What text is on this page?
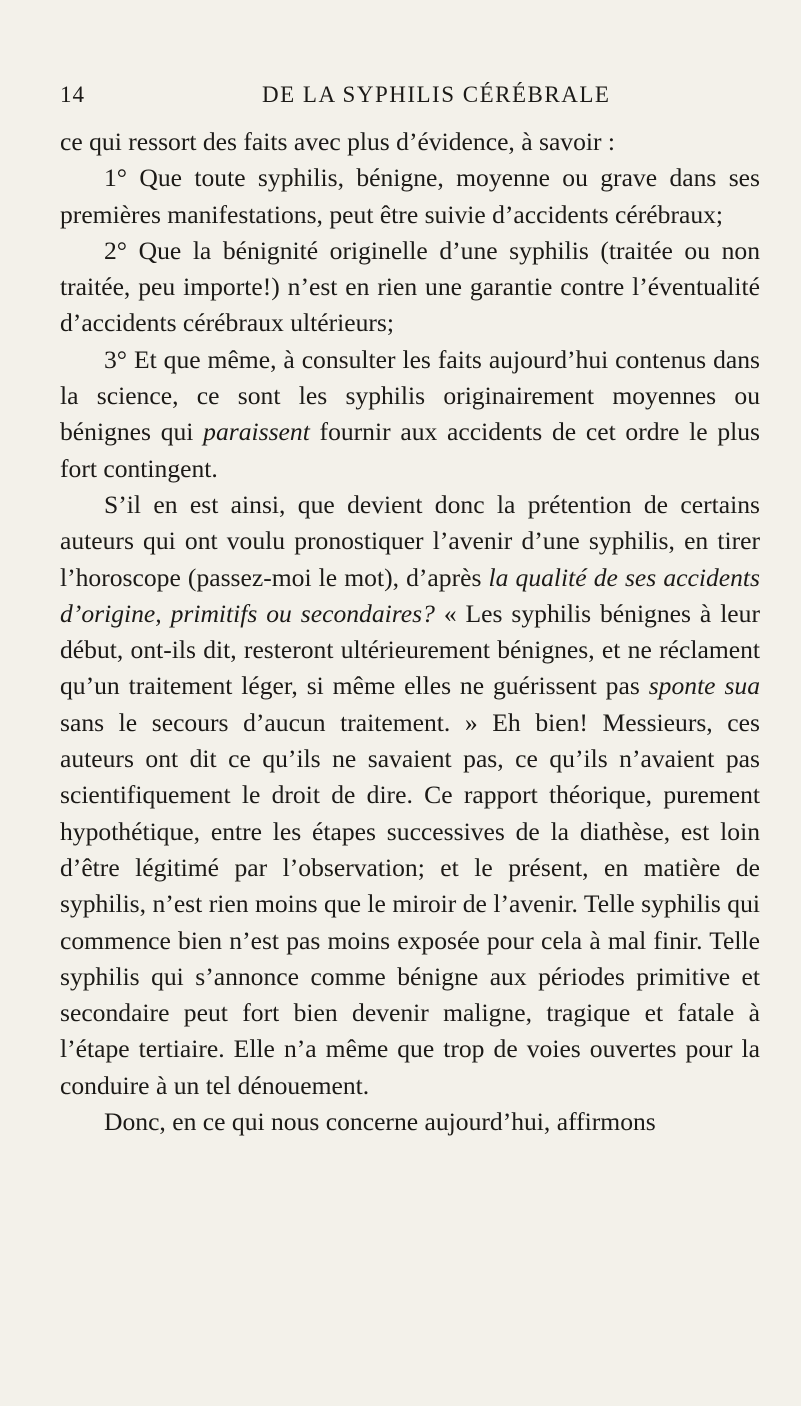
14	DE LA SYPHILIS CÉRÉBRALE

ce qui ressort des faits avec plus d’évidence, à savoir :

1° Que toute syphilis, bénigne, moyenne ou grave dans ses premières manifestations, peut être suivie d’accidents cérébraux;

2° Que la bénignité originelle d’une syphilis (traitée ou non traitée, peu importe!) n’est en rien une garantie contre l’éventualité d’accidents cérébraux ultérieurs;

3° Et que même, à consulter les faits aujourd’hui contenus dans la science, ce sont les syphilis originairement moyennes ou bénignes qui paraissent fournir aux accidents de cet ordre le plus fort contingent.

S’il en est ainsi, que devient donc la prétention de certains auteurs qui ont voulu pronostiquer l’avenir d’une syphilis, en tirer l’horoscope (passez-moi le mot), d’après la qualité de ses accidents d’origine, primitifs ou secondaires? « Les syphilis bénignes à leur début, ont-ils dit, resteront ultérieurement bénignes, et ne réclament qu’un traitement léger, si même elles ne guérissent pas sponte sua sans le secours d’aucun traitement. » Eh bien! Messieurs, ces auteurs ont dit ce qu’ils ne savaient pas, ce qu’ils n’avaient pas scientifiquement le droit de dire. Ce rapport théorique, purement hypothétique, entre les étapes successives de la diathèse, est loin d’être légitimé par l’observation; et le présent, en matière de syphilis, n’est rien moins que le miroir de l’avenir. Telle syphilis qui commence bien n’est pas moins exposée pour cela à mal finir. Telle syphilis qui s’annonce comme bénigne aux périodes primitive et secondaire peut fort bien devenir maligne, tragique et fatale à l’étape tertiaire. Elle n’a même que trop de voies ouvertes pour la conduire à un tel dénouement.

Donc, en ce qui nous concerne aujourd’hui, affirmons
